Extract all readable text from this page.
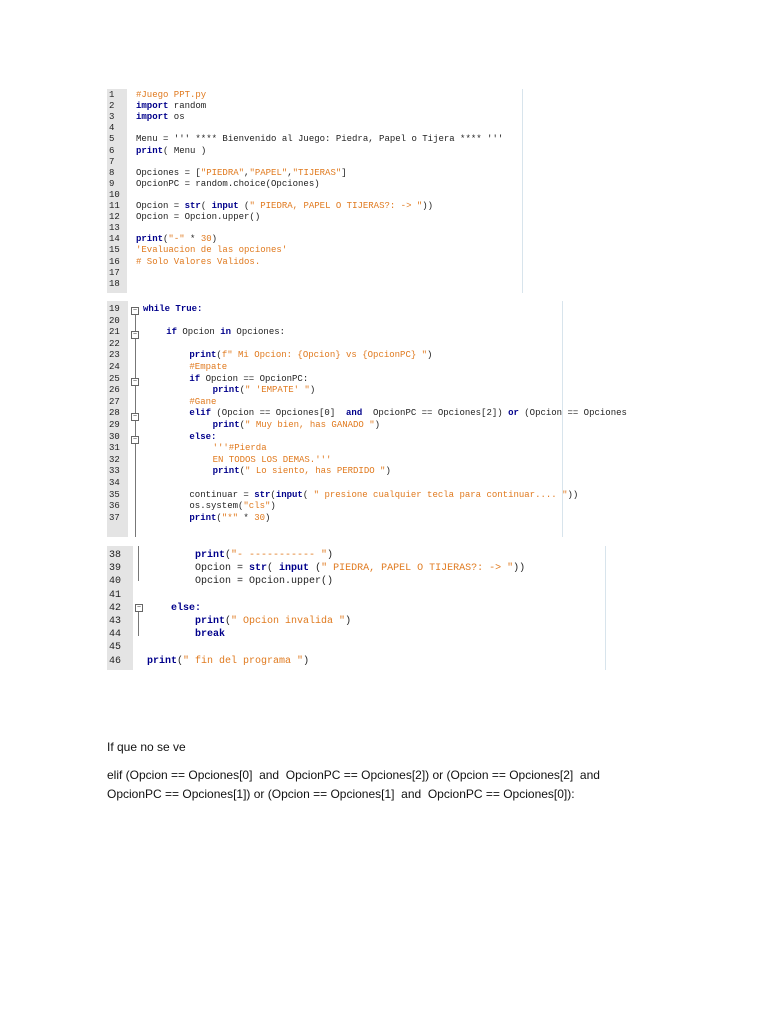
1	#Juego PPT.py
2	import random
3	import os
4
5	Menu = ''' **** Bienvenido al Juego: Piedra, Papel o Tijera **** '''
6	print( Menu )
7
8	Opciones = ["PIEDRA","PAPEL","TIJERAS"]
9	OpcionPC = random.choice(Opciones)
10
11	Opcion = str( input (" PIEDRA, PAPEL O TIJERAS?: -> "))
12	Opcion = Opcion.upper()
13
14	print("-" * 30)
15	'Evaluacion de las opciones'
16	# Solo Valores Validos.
17
18
19	while True:
20
21	if Opcion in Opciones:
22
23	print(f" Mi Opcion: {Opcion} vs {OpcionPC} ")
24	#Empate
25	if Opcion == OpcionPC:
26	print(" 'EMPATE' ")
27	#Gane
28	elif (Opcion == Opciones[0]  and  OpcionPC == Opciones[2]) or (Opcion == Opciones
29	print(" Muy bien, has GANADO ")
30	else:
31	'''#Pierda
32	EN TODOS LOS DEMAS.'''
33	print(" Lo siento, has PERDIDO ")
34
35	continuar = str(input( " presione cualquier tecla para continuar.... "))
36	os.system("cls")
37	print("*" * 30)
−
−
−
−
−
38	print("- ----------- ")
39	Opcion = str( input (" PIEDRA, PAPEL O TIJERAS?: -> "))
40	Opcion = Opcion.upper()
41
42	else:
43	print(" Opcion invalida ")
44	break
45
46	print(" fin del programa ")
−
If que no se ve
elif (Opcion == Opciones[0]  and  OpcionPC == Opciones[2]) or (Opcion == Opciones[2]  and
OpcionPC == Opciones[1]) or (Opcion == Opciones[1]  and  OpcionPC == Opciones[0]):
